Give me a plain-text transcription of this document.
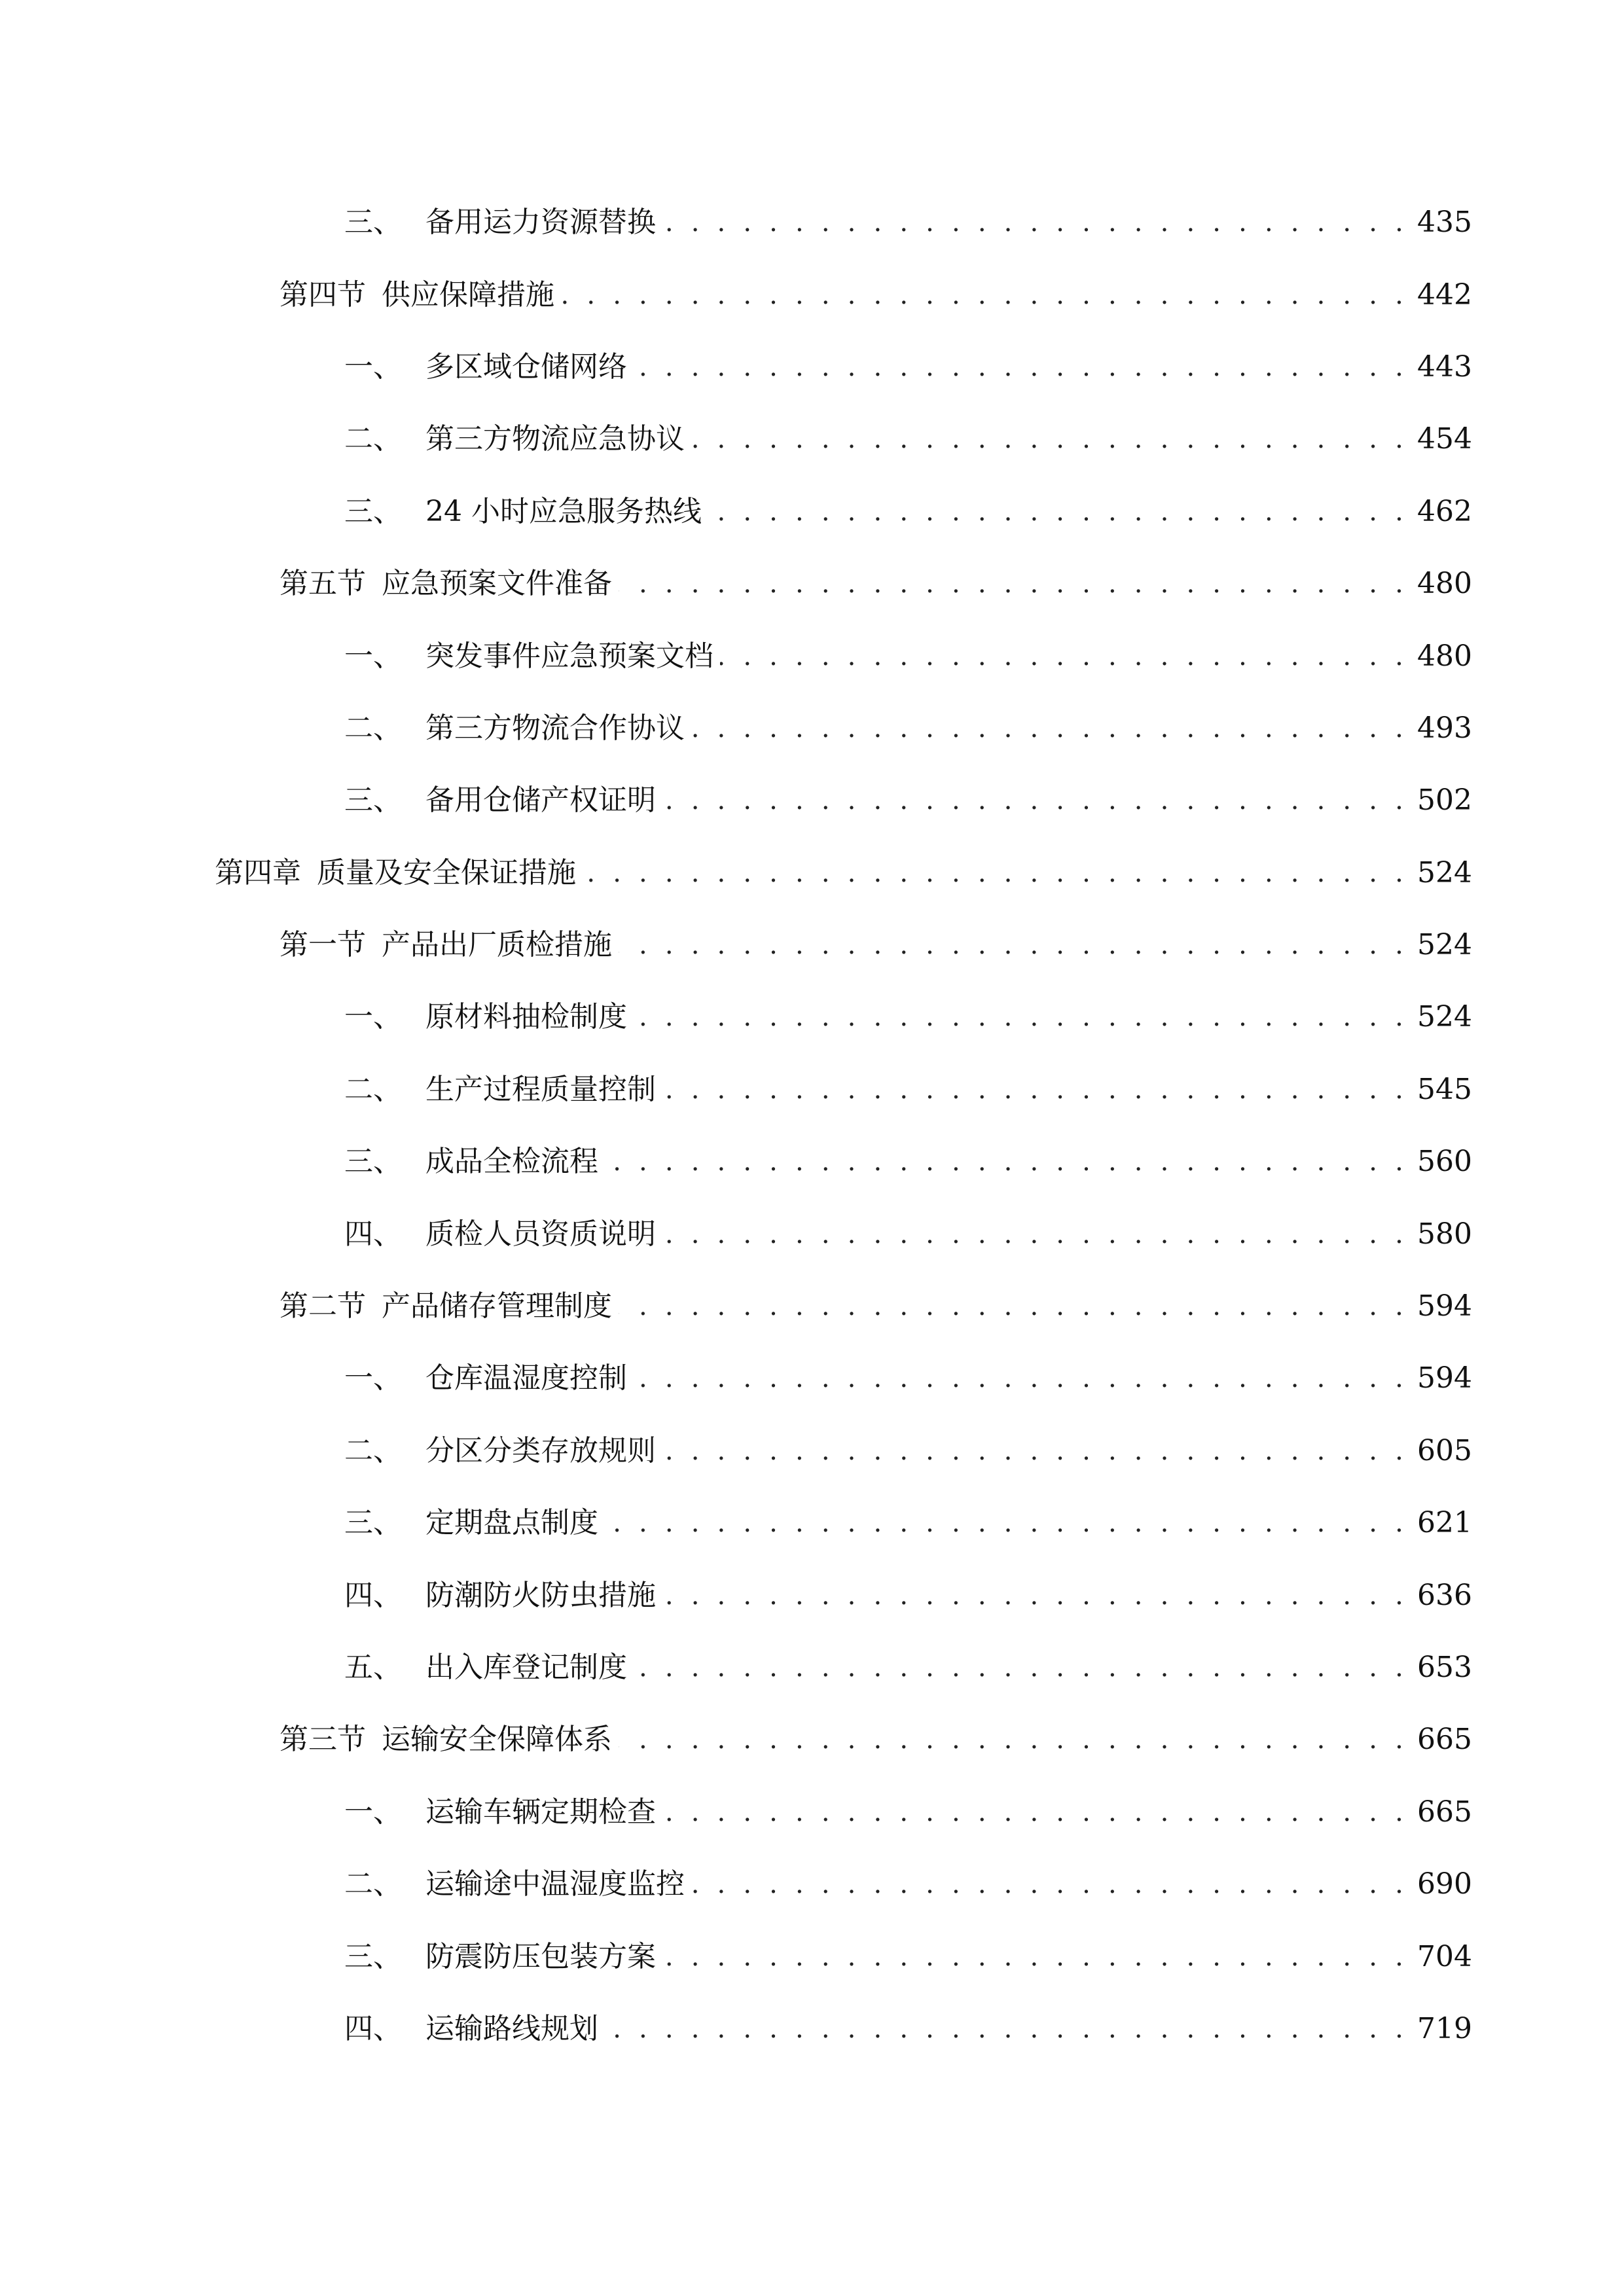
三、 备用运力资源替换 . . .	435
第四节 供应保障措施 . . .	442
一、 多区域仓储网络 . . .	443
二、 第三方物流应急协议 . . .	454
三、 24 小时应急服务热线 . . .	462
第五节 应急预案文件准备 . . .	480
一、 突发事件应急预案文档 . . .	480
二、 第三方物流合作协议 . . .	493
三、 备用仓储产权证明 . . .	502
第四章 质量及安全保证措施 . . .	524
第一节 产品出厂质检措施 . . .	524
一、 原材料抽检制度 . . .	524
二、 生产过程质量控制 . . .	545
三、 成品全检流程 . . .	560
四、 质检人员资质说明 . . .	580
第二节 产品储存管理制度 . . .	594
一、 仓库温湿度控制 . . .	594
二、 分区分类存放规则 . . .	605
三、 定期盘点制度 . . .	621
四、 防潮防火防虫措施 . . .	636
五、 出入库登记制度 . . .	653
第三节 运输安全保障体系 . . .	665
一、 运输车辆定期检查 . . .	665
二、 运输途中温湿度监控 . . .	690
三、 防震防压包装方案 . . .	704
四、 运输路线规划 . . .	719
